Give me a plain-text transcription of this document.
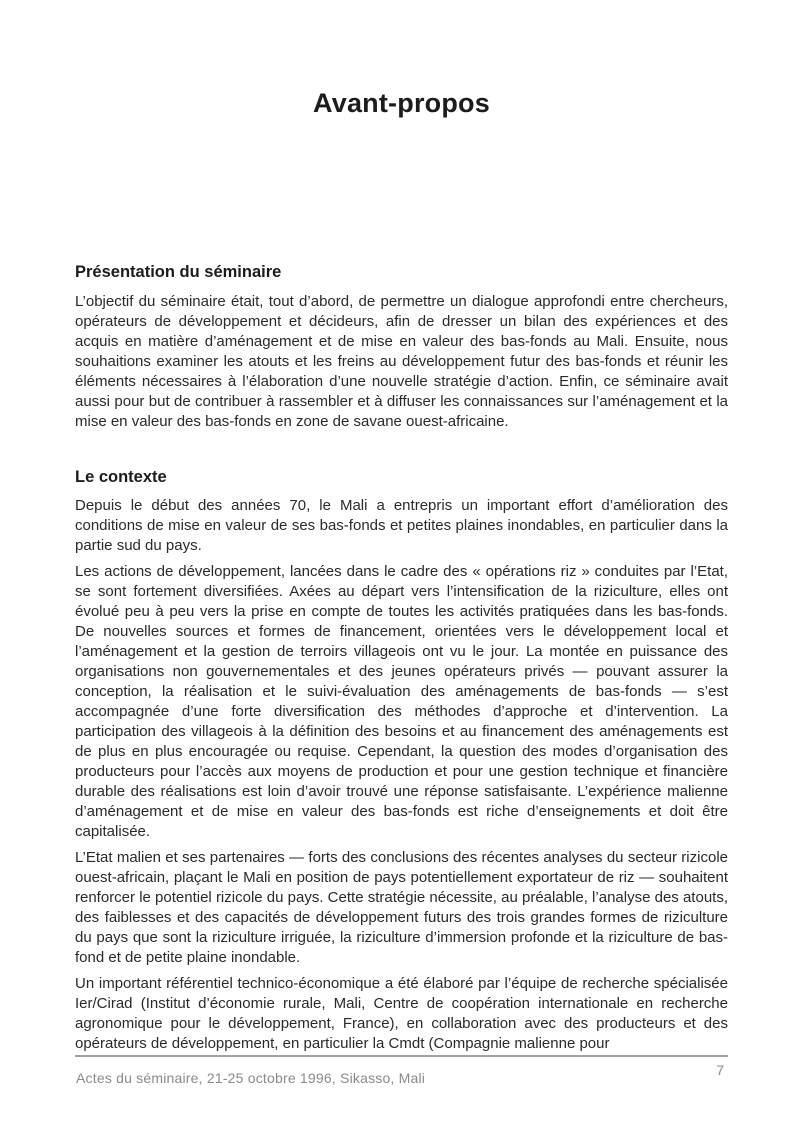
Avant-propos
Présentation du séminaire

L’objectif du séminaire était, tout d’abord, de permettre un dialogue approfondi entre chercheurs, opérateurs de développement et décideurs, afin de dresser un bilan des expériences et des acquis en matière d’aménagement et de mise en valeur des bas-fonds au Mali. Ensuite, nous souhaitions examiner les atouts et les freins au développement futur des bas-fonds et réunir les éléments nécessaires à l’élaboration d’une nouvelle stratégie d’action. Enfin, ce séminaire avait aussi pour but de contribuer à rassembler et à diffuser les connaissances sur l’aménagement et la mise en valeur des bas-fonds en zone de savane ouest-africaine.

Le contexte

Depuis le début des années 70, le Mali a entrepris un important effort d’amélioration des conditions de mise en valeur de ses bas-fonds et petites plaines inondables, en particulier dans la partie sud du pays.

Les actions de développement, lancées dans le cadre des « opérations riz » conduites par l’Etat, se sont fortement diversifiées. Axées au départ vers l’intensification de la riziculture, elles ont évolué peu à peu vers la prise en compte de toutes les activités pratiquées dans les bas-fonds. De nouvelles sources et formes de financement, orientées vers le développement local et l’aménagement et la gestion de terroirs villageois ont vu le jour. La montée en puissance des organisations non gouvernementales et des jeunes opérateurs privés — pouvant assurer la conception, la réalisation et le suivi-évaluation des aménagements de bas-fonds — s’est accompagnée d’une forte diversification des méthodes d’approche et d’intervention. La participation des villageois à la définition des besoins et au financement des aménagements est de plus en plus encouragée ou requise. Cependant, la question des modes d’organisation des producteurs pour l’accès aux moyens de production et pour une gestion technique et financière durable des réalisations est loin d’avoir trouvé une réponse satisfaisante. L’expérience malienne d’aménagement et de mise en valeur des bas-fonds est riche d’enseignements et doit être capitalisée.

L’Etat malien et ses partenaires — forts des conclusions des récentes analyses du secteur rizicole ouest-africain, plaçant le Mali en position de pays potentiellement exportateur de riz — souhaitent renforcer le potentiel rizicole du pays. Cette stratégie nécessite, au préalable, l’analyse des atouts, des faiblesses et des capacités de développement futurs des trois grandes formes de riziculture du pays que sont la riziculture irriguée, la riziculture d’immersion profonde et la riziculture de bas-fond et de petite plaine inondable.

Un important référentiel technico-économique a été élaboré par l’équipe de recherche spécialisée Ier/Cirad (Institut d’économie rurale, Mali, Centre de coopération internationale en recherche agronomique pour le développement, France), en collaboration avec des producteurs et des opérateurs de développement, en particulier la Cmdt (Compagnie malienne pour

Actes du séminaire, 21-25 octobre 1996, Sikasso, Mali	7
